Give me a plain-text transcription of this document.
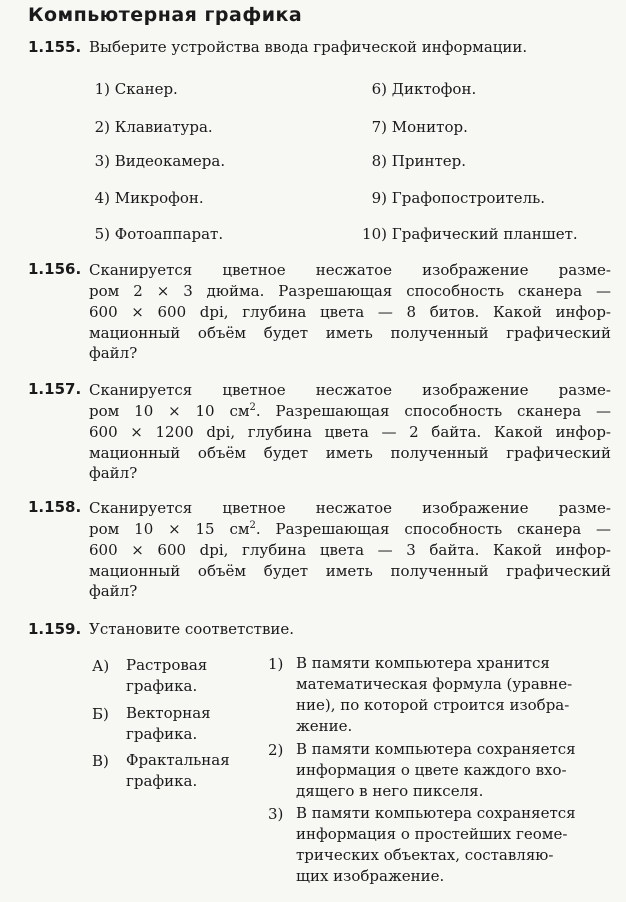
Компьютерная графика
1.155. Выберите устройства ввода графической информации.
1) Сканер.
2) Клавиатура.
3) Видеокамера.
4) Микрофон.
5) Фотоаппарат.
6) Диктофон.
7) Монитор.
8) Принтер.
9) Графопостроитель.
10) Графический планшет.
1.156. Сканируется цветное несжатое изображение разме-
ром 2 × 3 дюйма. Разрешающая способность сканера —
600 × 600 dpi, глубина цвета — 8 битов. Какой инфор-
мационный объём будет иметь полученный графический
файл?
1.157. Сканируется цветное несжатое изображение разме-
ром 10 × 10 $см^2$. Разрешающая способность сканера —
600 × 1200 dpi, глубина цвета — 2 байта. Какой инфор-
мационный объём будет иметь полученный графический
файл?
1.158. Сканируется цветное несжатое изображение разме-
ром 10 × 15 $см^2$. Разрешающая способность сканера —
600 × 600 dpi, глубина цвета — 3 байта. Какой инфор-
мационный объём будет иметь полученный графический
файл?
1.159. Установите соответствие.
А) Растровая
графика.
Б) Векторная
графика.
В) Фрактальная
графика.
1) В памяти компьютера хранится
математическая формула (уравне-
ние), по которой строится изобра-
жение.
2) В памяти компьютера сохраняется
информация о цвете каждого вхо-
дящего в него пикселя.
3) В памяти компьютера сохраняется
информация о простейших геоме-
трических объектах, составляю-
щих изображение.
